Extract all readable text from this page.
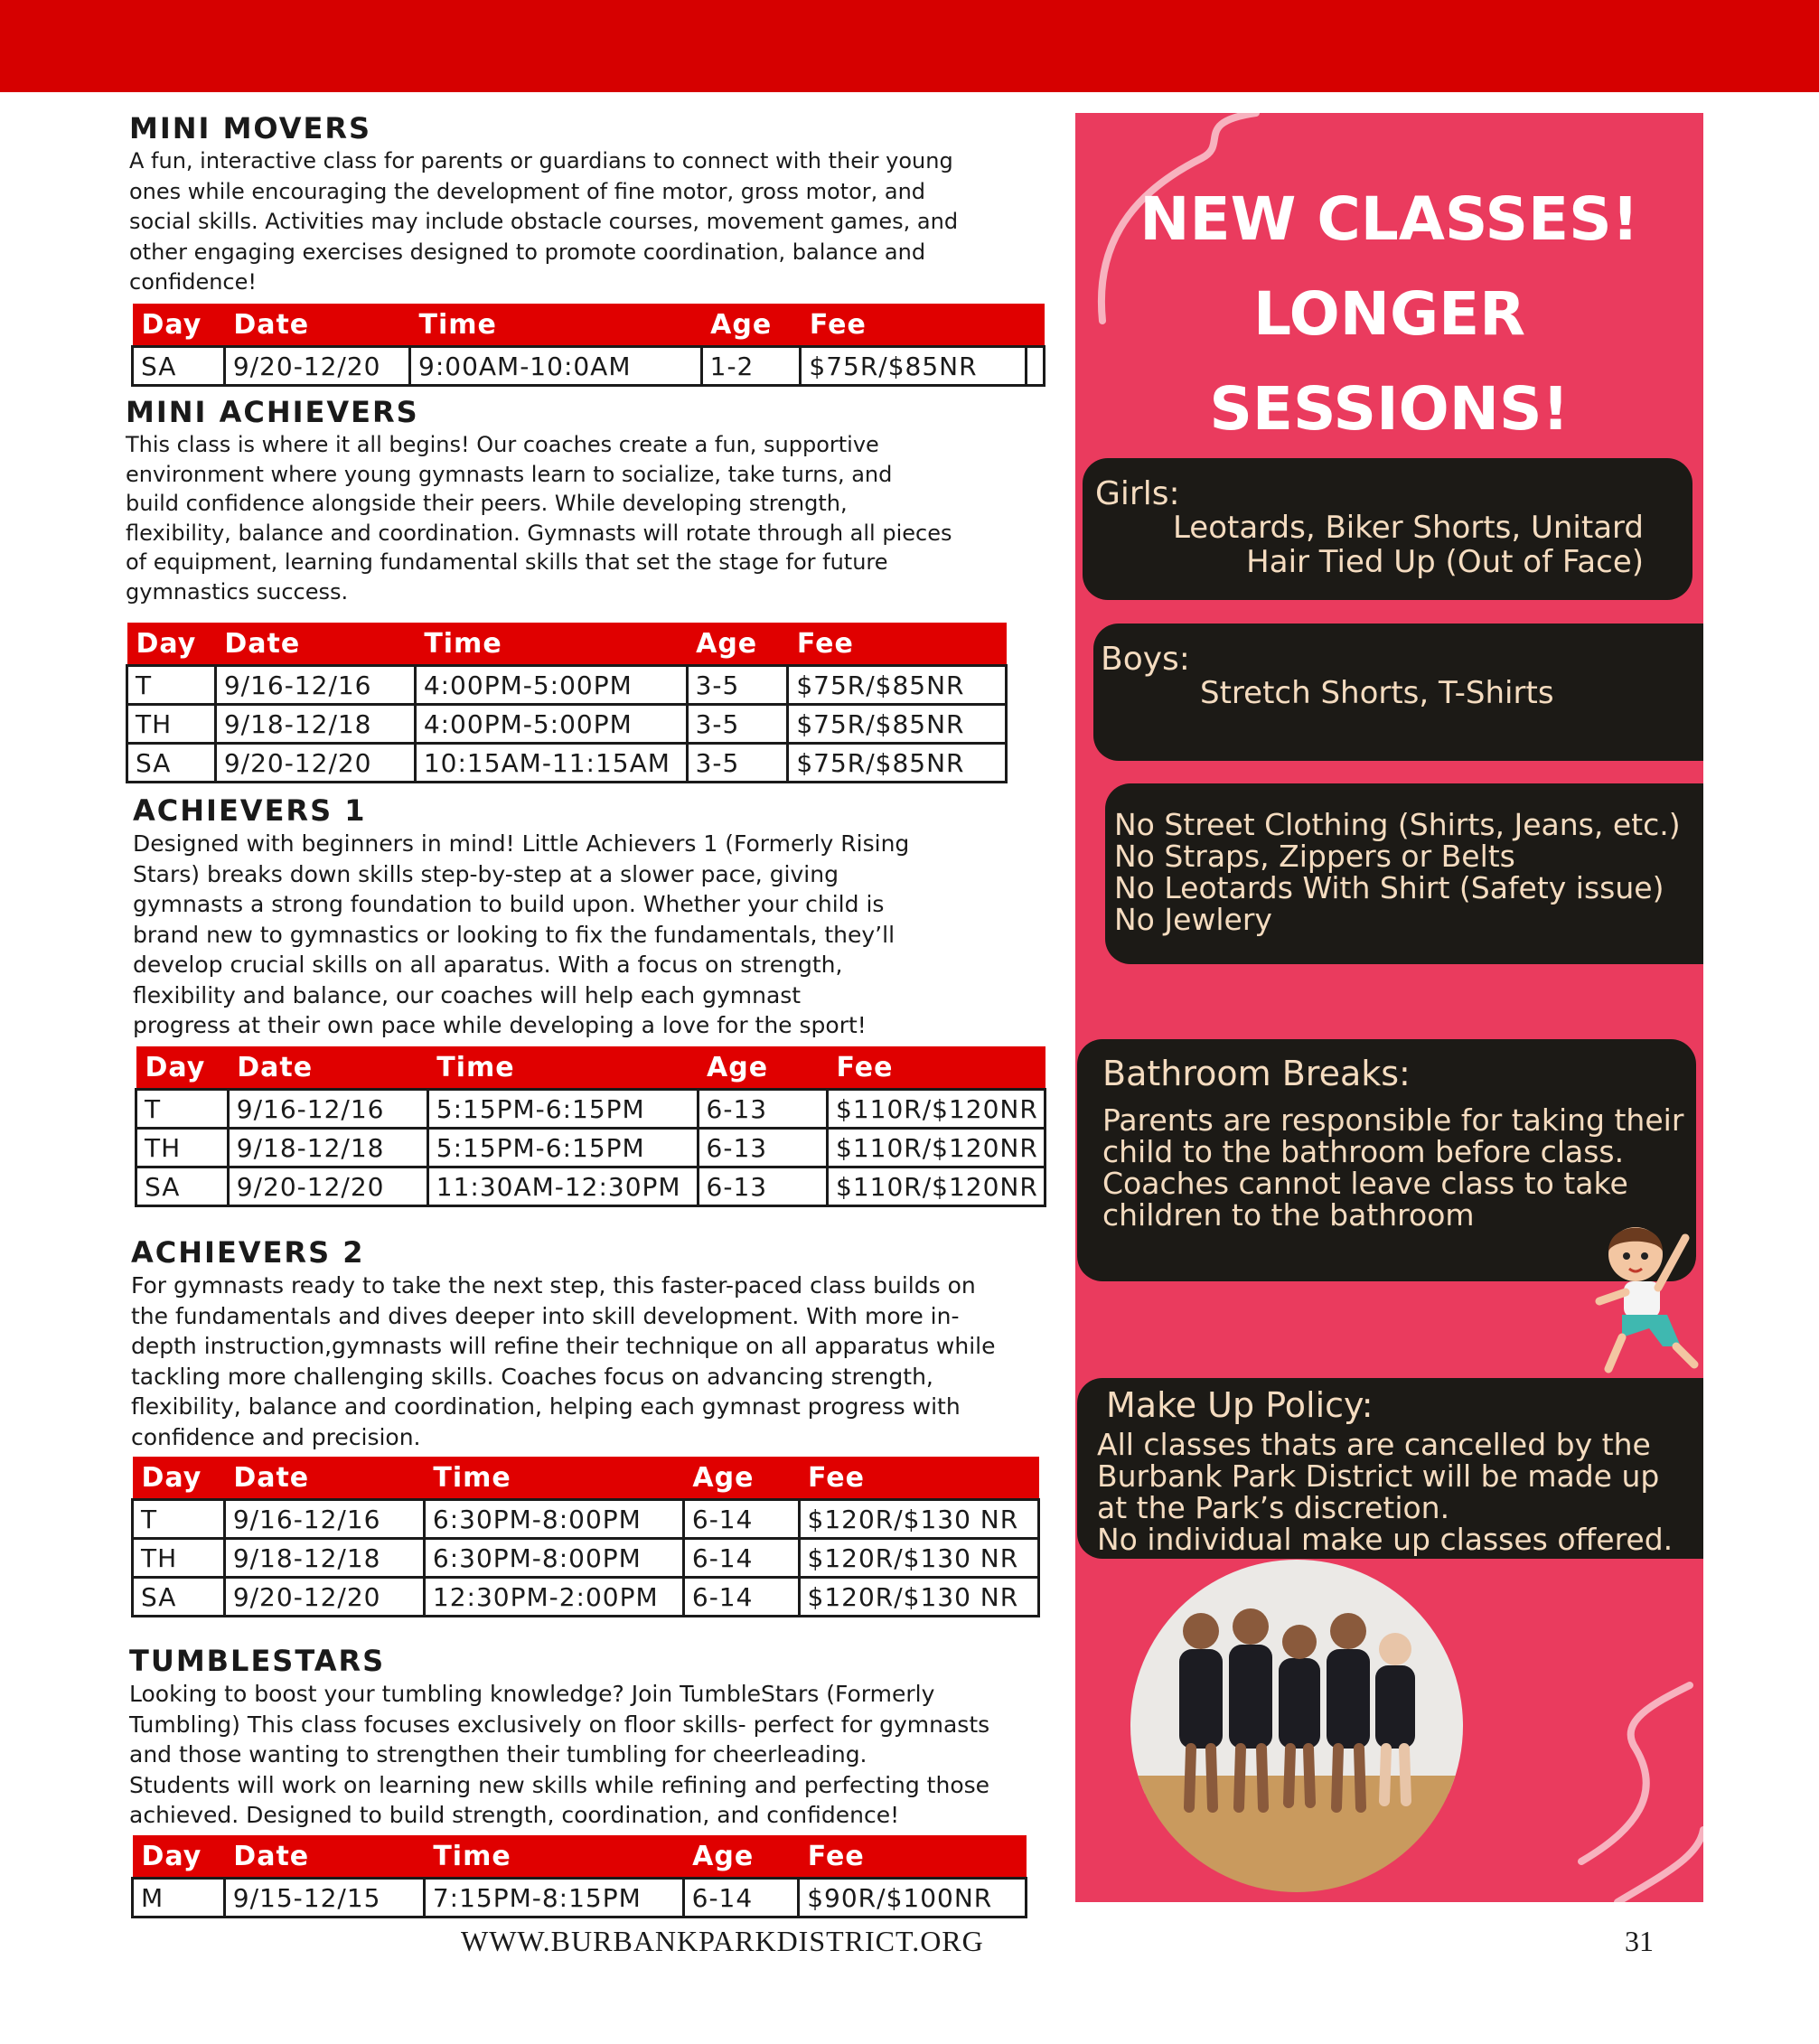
MINI MOVERS

A fun, interactive class for parents or guardians to connect with their young
ones while encouraging the development of fine motor, gross motor, and
social skills. Activities may include obstacle courses, movement games, and
other engaging exercises designed to promote coordination, balance and
confidence!

Day	Date	Time	Age	Fee	
SA	9/20-12/20	9:00AM-10:0AM	1-2	$75R/$85NR	
MINI ACHIEVERS

This class is where it all begins! Our coaches create a fun, supportive
environment where young gymnasts learn to socialize, take turns, and
build confidence alongside their peers. While developing strength,
flexibility, balance and coordination. Gymnasts will rotate through all pieces
of equipment, learning fundamental skills that set the stage for future
gymnastics success.

Day	Date	Time	Age	Fee
T	9/16-12/16	4:00PM-5:00PM	3-5	$75R/$85NR
TH	9/18-12/18	4:00PM-5:00PM	3-5	$75R/$85NR
SA	9/20-12/20	10:15AM-11:15AM	3-5	$75R/$85NR
ACHIEVERS 1

Designed with beginners in mind! Little Achievers 1 (Formerly Rising
Stars) breaks down skills step-by-step at a slower pace, giving
gymnasts a strong foundation to build upon. Whether your child is
brand new to gymnastics or looking to fix the fundamentals, they’ll
develop crucial skills on all aparatus. With a focus on strength,
flexibility and balance, our coaches will help each gymnast
progress at their own pace while developing a love for the sport!

Day	Date	Time	Age	Fee
T	9/16-12/16	5:15PM-6:15PM	6-13	$110R/$120NR
TH	9/18-12/18	5:15PM-6:15PM	6-13	$110R/$120NR
SA	9/20-12/20	11:30AM-12:30PM	6-13	$110R/$120NR
ACHIEVERS 2

For gymnasts ready to take the next step, this faster-paced class builds on
the fundamentals and dives deeper into skill development. With more in-
depth instruction,gymnasts will refine their technique on all apparatus while
tackling more challenging skills. Coaches focus on advancing strength,
flexibility, balance and coordination, helping each gymnast progress with
confidence and precision.

Day	Date	Time	Age	Fee
T	9/16-12/16	6:30PM-8:00PM	6-14	$120R/$130 NR
TH	9/18-12/18	6:30PM-8:00PM	6-14	$120R/$130 NR
SA	9/20-12/20	12:30PM-2:00PM	6-14	$120R/$130 NR
TUMBLESTARS

Looking to boost your tumbling knowledge? Join TumbleStars (Formerly
Tumbling) This class focuses exclusively on floor skills- perfect for gymnasts
and those wanting to strengthen their tumbling for cheerleading.
Students will work on learning new skills while refining and perfecting those
achieved. Designed to build strength, coordination, and confidence!

Day	Date	Time	Age	Fee
M	9/15-12/15	7:15PM-8:15PM	6-14	$90R/$100NR
NEW CLASSES!
LONGER
SESSIONS!
Girls:
Leotards, Biker Shorts, Unitard
Hair Tied Up (Out of Face)
Boys:
Stretch Shorts, T-Shirts
No Street Clothing (Shirts, Jeans, etc.)
No Straps, Zippers or Belts
No Leotards With Shirt (Safety issue)
No Jewlery
Bathroom Breaks:
Parents are responsible for taking their
child to the bathroom before class.
Coaches cannot leave class to take
children to the bathroom
Make Up Policy:
All classes thats are cancelled by the
Burbank Park District will be made up
at the Park’s discretion.
No individual make up classes offered.
WWW.BURBANKPARKDISTRICT.ORG	31
